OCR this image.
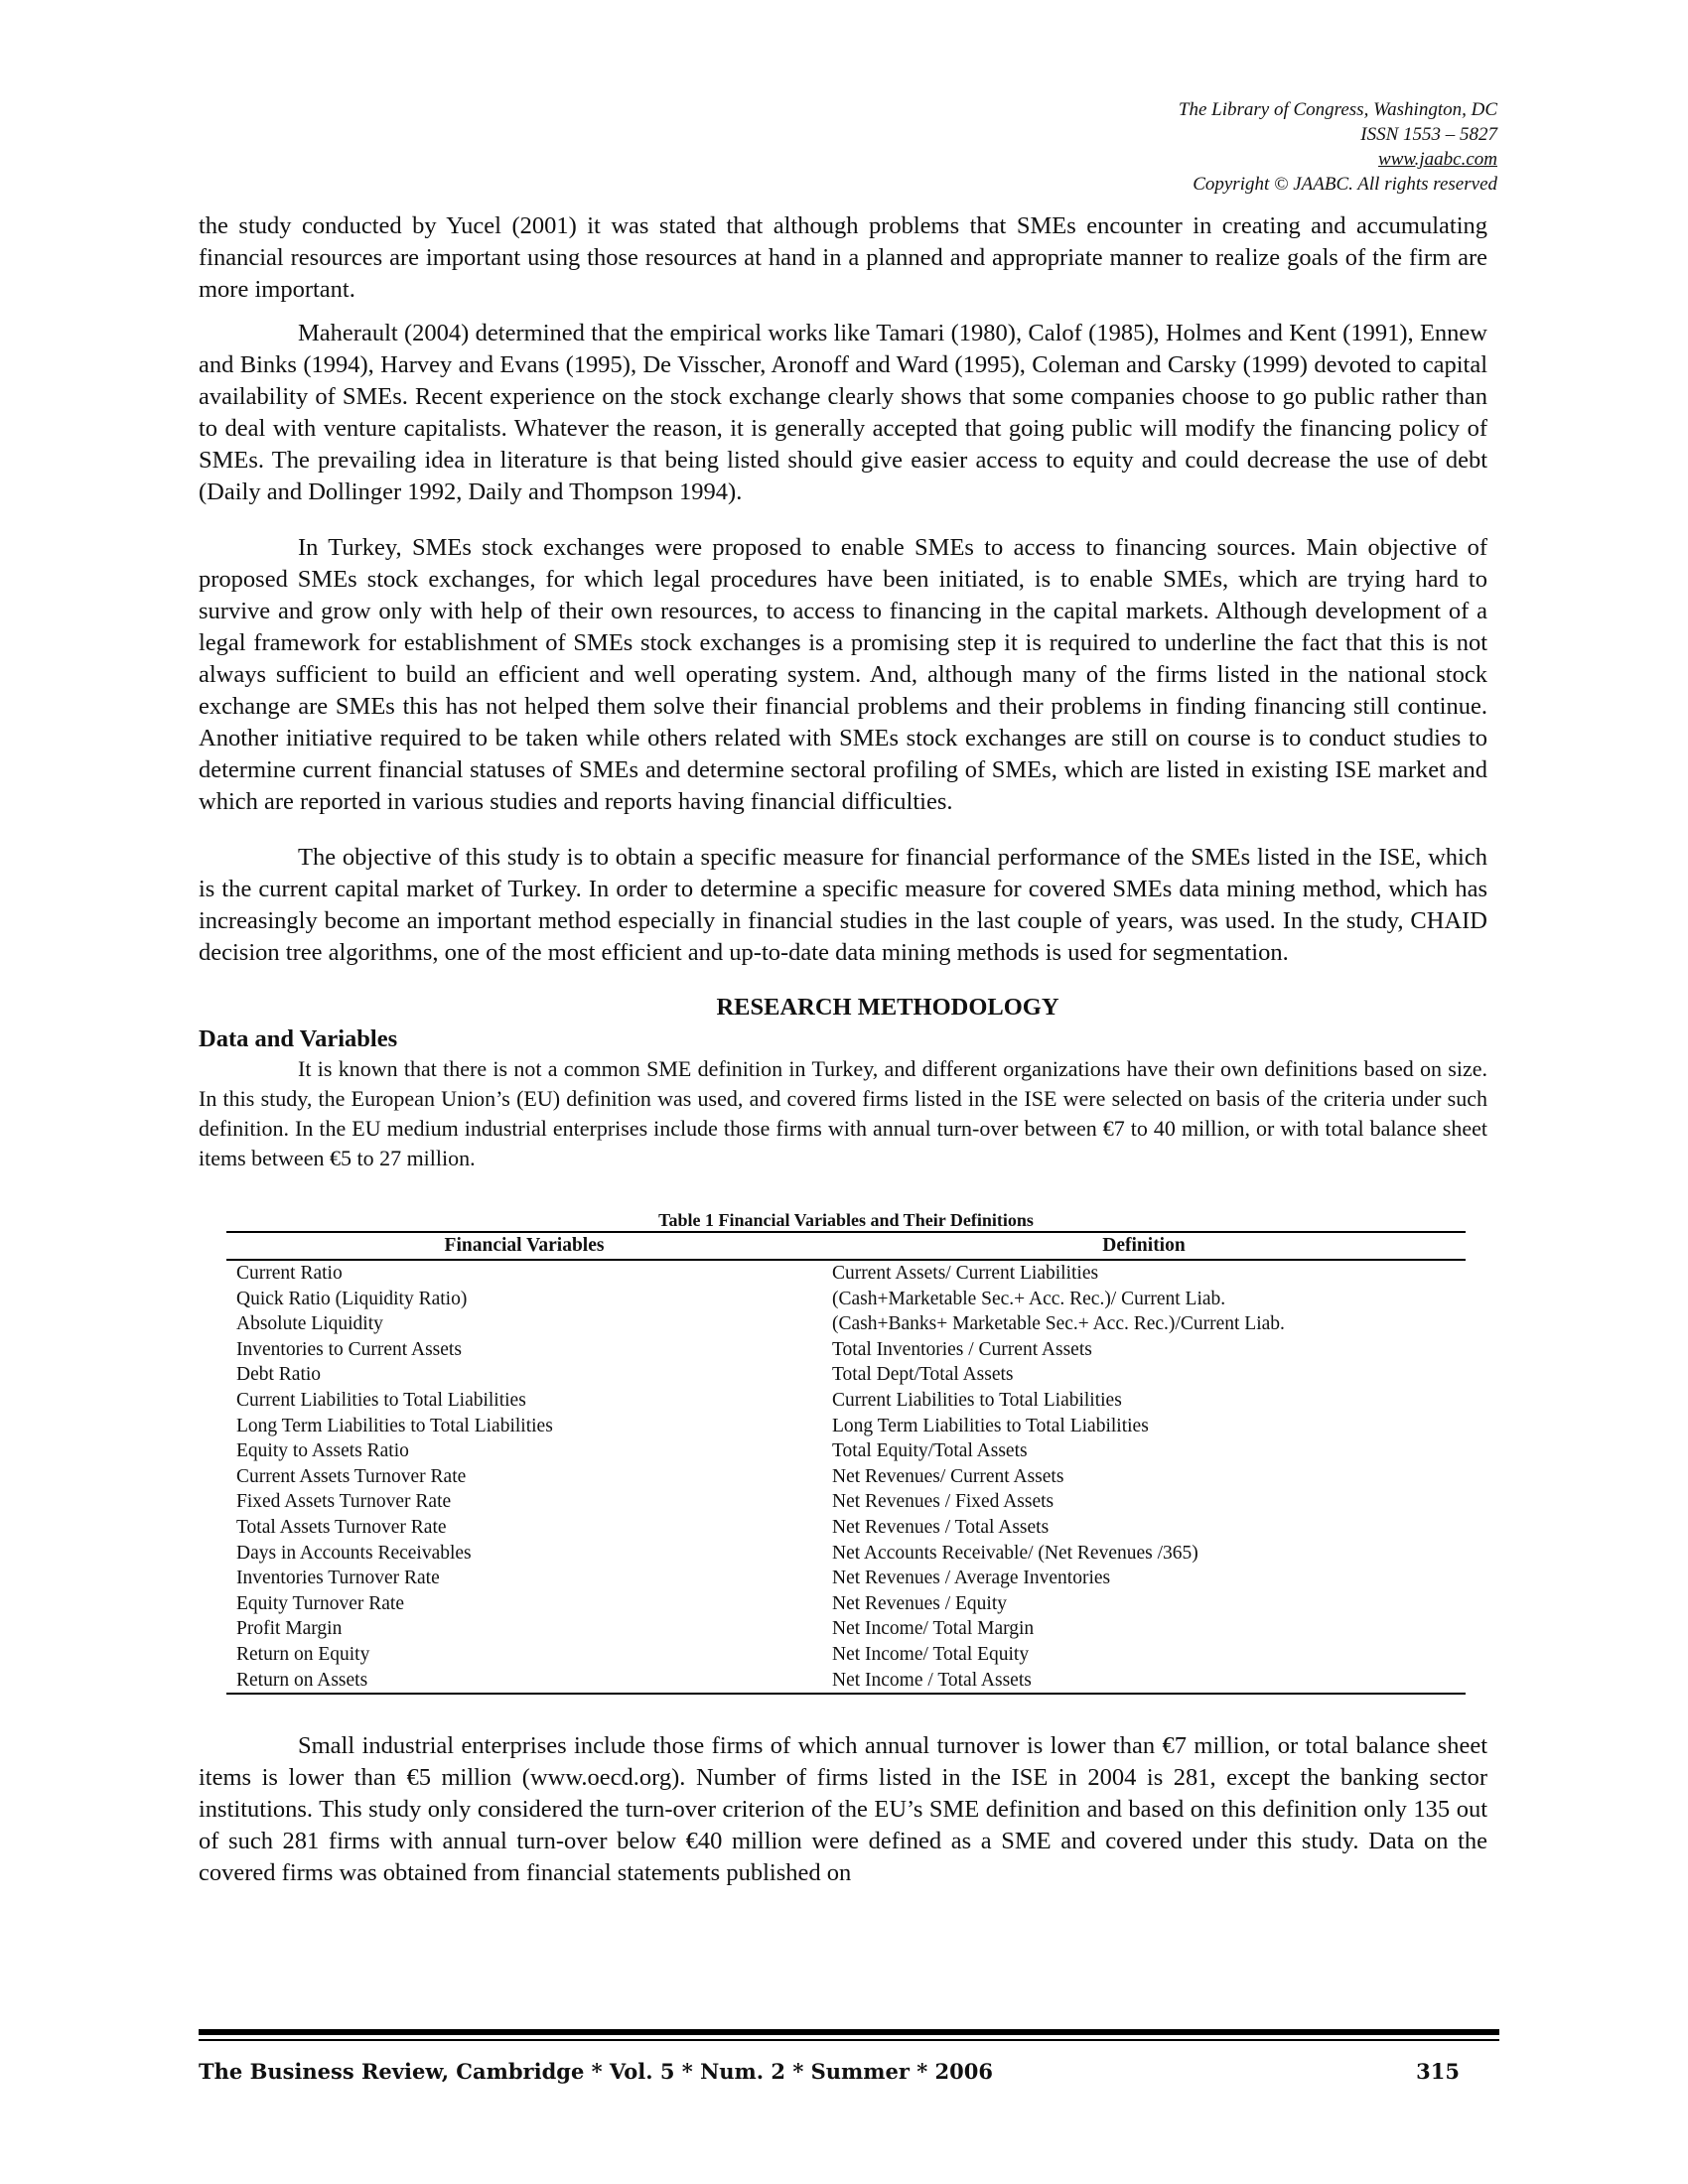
The Library of Congress, Washington, DC
ISSN 1553 – 5827
www.jaabc.com
Copyright © JAABC. All rights reserved

the study conducted by Yucel (2001) it was stated that although problems that SMEs encounter in creating and accumulating financial resources are important using those resources at hand in a planned and appropriate manner to realize goals of the firm are more important.

Maherault (2004) determined that the empirical works like Tamari (1980), Calof (1985), Holmes and Kent (1991), Ennew and Binks (1994), Harvey and Evans (1995), De Visscher, Aronoff and Ward (1995), Coleman and Carsky (1999) devoted to capital availability of SMEs. Recent experience on the stock exchange clearly shows that some companies choose to go public rather than to deal with venture capitalists. Whatever the reason, it is generally accepted that going public will modify the financing policy of SMEs. The prevailing idea in literature is that being listed should give easier access to equity and could decrease the use of debt (Daily and Dollinger 1992, Daily and Thompson 1994).

In Turkey, SMEs stock exchanges were proposed to enable SMEs to access to financing sources. Main objective of proposed SMEs stock exchanges, for which legal procedures have been initiated, is to enable SMEs, which are trying hard to survive and grow only with help of their own resources, to access to financing in the capital markets. Although development of a legal framework for establishment of SMEs stock exchanges is a promising step it is required to underline the fact that this is not always sufficient to build an efficient and well operating system. And, although many of the firms listed in the national stock exchange are SMEs this has not helped them solve their financial problems and their problems in finding financing still continue. Another initiative required to be taken while others related with SMEs stock exchanges are still on course is to conduct studies to determine current financial statuses of SMEs and determine sectoral profiling of SMEs, which are listed in existing ISE market and which are reported in various studies and reports having financial difficulties.

The objective of this study is to obtain a specific measure for financial performance of the SMEs listed in the ISE, which is the current capital market of Turkey. In order to determine a specific measure for covered SMEs data mining method, which has increasingly become an important method especially in financial studies in the last couple of years, was used. In the study, CHAID decision tree algorithms, one of the most efficient and up-to-date data mining methods is used for segmentation.

RESEARCH METHODOLOGY
Data and Variables

It is known that there is not a common SME definition in Turkey, and different organizations have their own definitions based on size. In this study, the European Union’s (EU) definition was used, and covered firms listed in the ISE were selected on basis of the criteria under such definition. In the EU medium industrial enterprises include those firms with annual turn-over between €7 to 40 million, or with total balance sheet items between €5 to 27 million.

Table 1 Financial Variables and Their Definitions
Financial Variables	Definition
Current Ratio	Current Assets/ Current Liabilities
Quick Ratio (Liquidity Ratio)	(Cash+Marketable Sec.+ Acc. Rec.)/ Current Liab.
Absolute Liquidity	(Cash+Banks+ Marketable Sec.+ Acc. Rec.)/Current Liab.
Inventories to Current Assets	Total Inventories / Current Assets
Debt Ratio	Total Dept/Total Assets
Current Liabilities to Total Liabilities	Current Liabilities to Total Liabilities
Long Term Liabilities to Total Liabilities	Long Term Liabilities to Total Liabilities
Equity to Assets Ratio	Total Equity/Total Assets
Current Assets Turnover Rate	Net Revenues/ Current Assets
Fixed Assets Turnover Rate	Net Revenues / Fixed Assets
Total Assets Turnover Rate	Net Revenues / Total Assets
Days in Accounts Receivables	Net Accounts Receivable/ (Net Revenues /365)
Inventories Turnover Rate	Net Revenues / Average Inventories
Equity Turnover Rate	Net Revenues / Equity
Profit Margin	Net Income/ Total Margin
Return on Equity	Net Income/ Total Equity
Return on Assets	Net Income / Total Assets

Small industrial enterprises include those firms of which annual turnover is lower than €7 million, or total balance sheet items is lower than €5 million (www.oecd.org). Number of firms listed in the ISE in 2004 is 281, except the banking sector institutions. This study only considered the turn-over criterion of the EU’s SME definition and based on this definition only 135 out of such 281 firms with annual turn-over below €40 million were defined as a SME and covered under this study. Data on the covered firms was obtained from financial statements published on

The Business Review, Cambridge * Vol. 5 * Num. 2 * Summer * 2006	315
